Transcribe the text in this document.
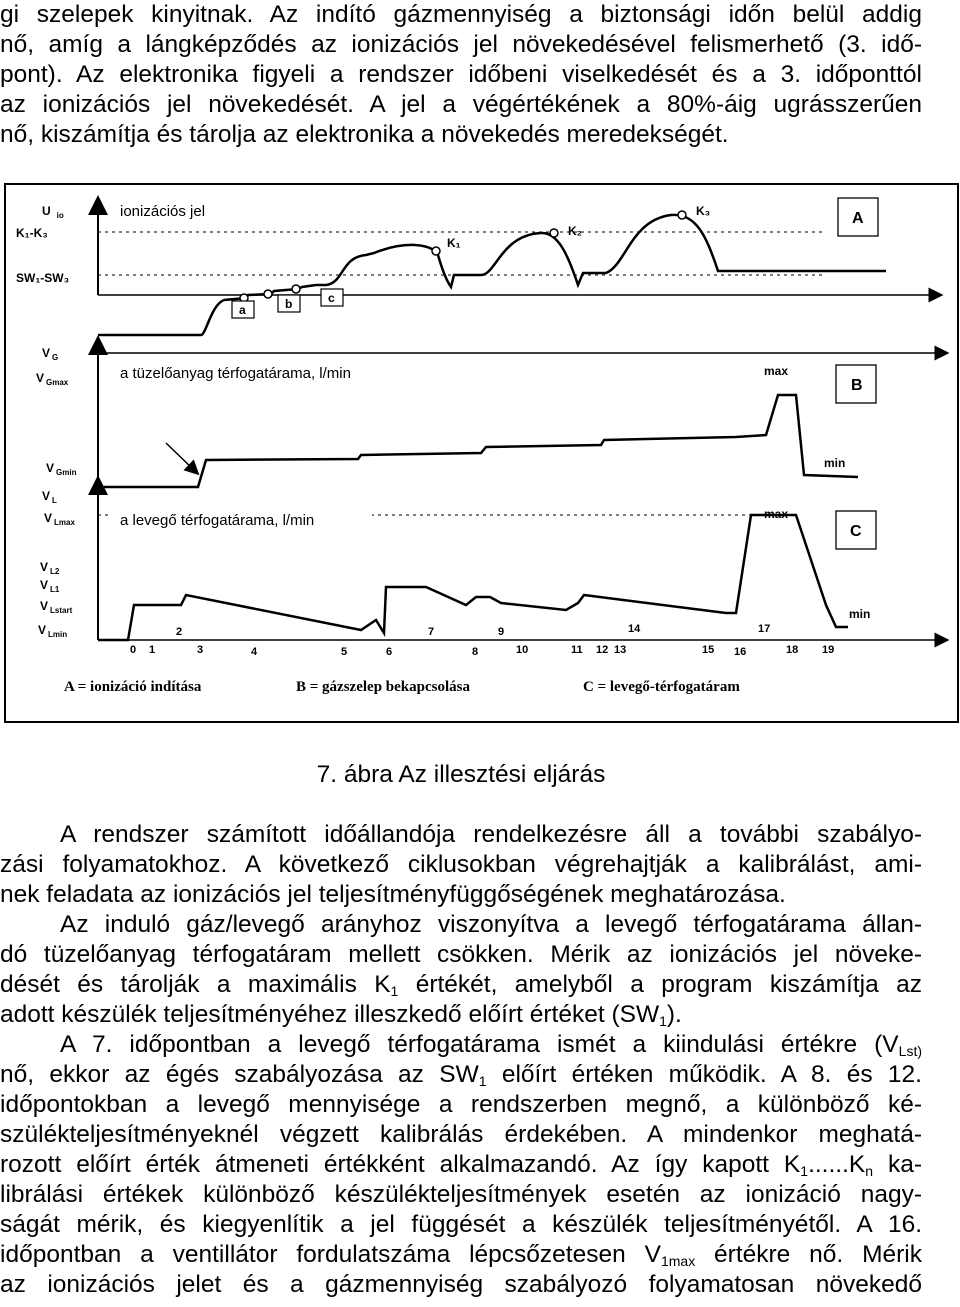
gi szelepek kinyitnak. Az indító gázmennyiség a biztonsági időn belül addig

nő, amíg a lángképződés az ionizációs jel növekedésével felismerhető (3. idő-

pont). Az elektronika figyeli a rendszer időbeni viselkedését és a 3. időponttól

az ionizációs jel növekedését. A jel a végértékének a 80%-áig ugrásszerűen

nő, kiszámítja és tárolja az elektronika a növekedés meredekségét.

U $_{io}$
K₁-K₃
SW₁-SW₃
ionizációs jel
a	b	c
K₁
K₂
K₃	A
V $_G$
V $_{Gmax}$
V $_{Gmin}$
a tüzelőanyag térfogatárama, l/min	max
min
B
V $_L$
V $_{Lmax}$
V $_{L2}$
V $_{L1}$
V $_{Lstart}$
V $_{Lmin}$
a levegő térfogatárama, l/min	max
min
C
2	7	9	14	17
0 1	3	4	5	6	8	10	11 12 13	15 16	18 19
A = ionizáció indítása	B = gázszelep bekapcsolása	C = levegő-térfogatáram
7. ábra Az illesztési eljárás

A rendszer számított időállandója rendelkezésre áll a további szabályo-

zási folyamatokhoz. A következő ciklusokban végrehajtják a kalibrálást, ami-

nek feladata az ionizációs jel teljesítményfüggőségének meghatározása.

Az induló gáz/levegő arányhoz viszonyítva a levegő térfogatárama állan-

dó tüzelőanyag térfogatáram mellett csökken. Mérik az ionizációs jel növeke-

dését és tárolják a maximális $K_1$ értékét, amelyből a program kiszámítja az

adott készülék teljesítményéhez illeszkedő előírt értéket $(SW_1)$.

A 7. időpontban a levegő térfogatárama ismét a kiindulási értékre ($V_{Lst)}$

nő, ekkor az égés szabályozása az $SW_1$ előírt értéken működik. A 8. és 12.

időpontokban a levegő mennyisége a rendszerben megnő, a különböző ké-

szülékteljesítményeknél végzett kalibrálás érdekében. A mindenkor meghatá-

rozott előírt érték átmeneti értékként alkalmazandó. Az így kapott $K_1......K_n$ ka-

librálási értékek különböző készülékteljesítmények esetén az ionizáció nagy-

ságát mérik, és kiegyenlítik a jel függését a készülék teljesítményétől. A 16.

időpontban a ventillátor fordulatszáma lépcsőzetesen $V_{1max}$ értékre nő. Mérik

az ionizációs jelet és a gázmennyiség szabályozó folyamatosan növekedő
